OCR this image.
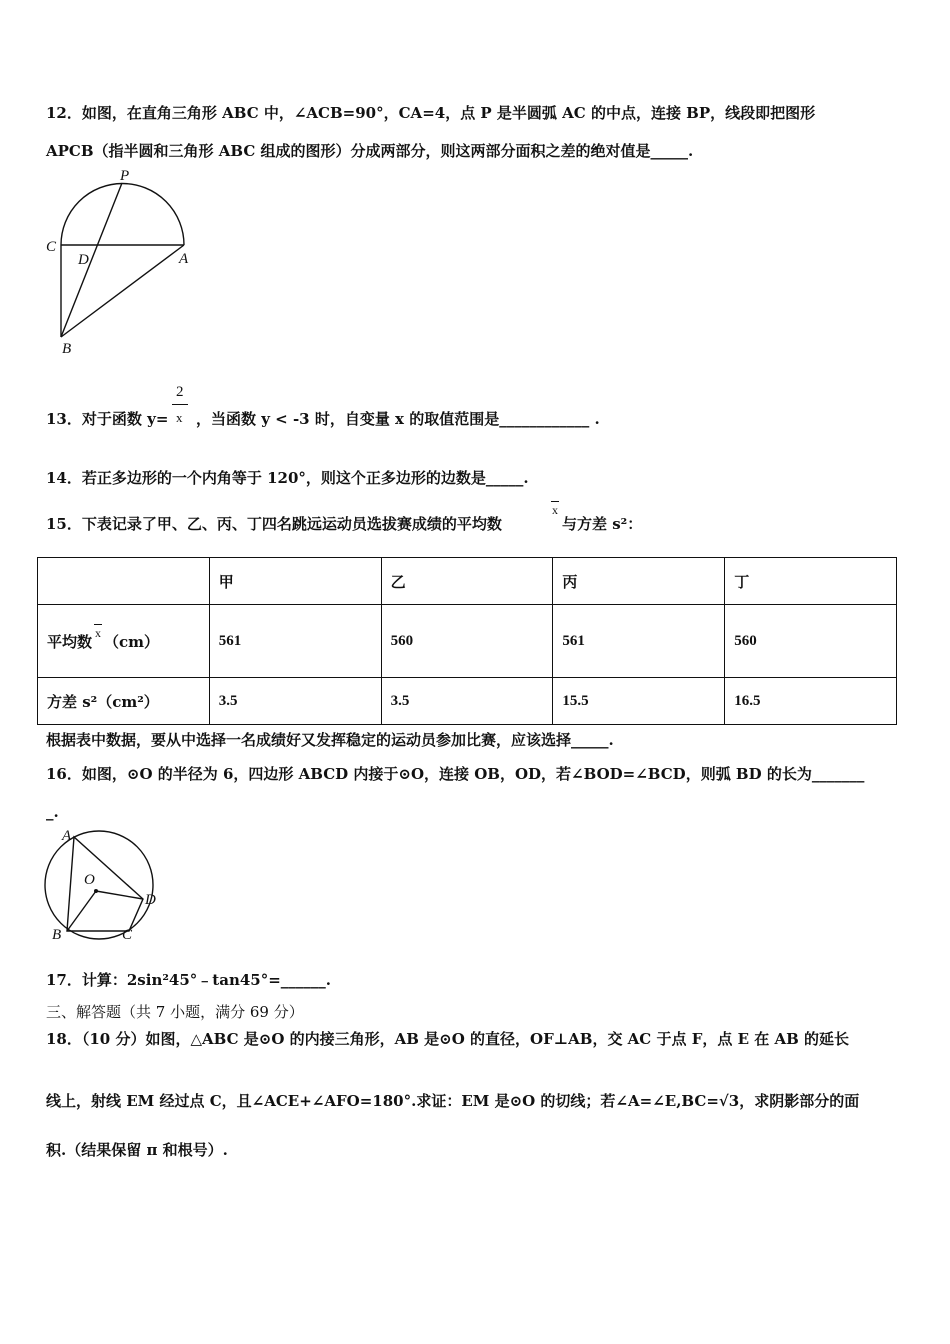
12．如图，在直角三角形 ABC 中，∠ACB=90°，CA=4，点 P 是半圆弧 AC 的中点，连接 BP，线段即把图形
APCB（指半圆和三角形 ABC 组成的图形）分成两部分，则这两部分面积之差的绝对值是_____.
P
C
D	A
B
13．对于函数 y=
2
x ，当函数 y < -3 时，自变量 x 的取值范围是____________ .
14．若正多边形的一个内角等于 120°，则这个正多边形的边数是_____.
15．下表记录了甲、乙、丙、丁四名跳远运动员选拔赛成绩的平均数
x
与方差 s²：
	甲	乙	丙	丁
平均数 $^x$ （cm）	561	560	561	560
方差 s²（cm²）	3.5	3.5	15.5	16.5
根据表中数据，要从中选择一名成绩好又发挥稳定的运动员参加比赛，应该选择_____.
16．如图，⊙O 的半径为 6，四边形 ABCD 内接于⊙O，连接 OB，OD，若∠BOD=∠BCD，则弧 BD 的长为_______
_.
A
O
D
B	C
17．计算：2sin²45°﹣tan45°=______.
三、解答题（共 7 小题，满分 69 分）
18．（10 分）如图，△ABC 是⊙O 的内接三角形，AB 是⊙O 的直径，OF⊥AB，交 AC 于点 F，点 E 在 AB 的延长
线上，射线 EM 经过点 C，且∠ACE+∠AFO=180°.求证：EM 是⊙O 的切线；若∠A=∠E,BC=√3，求阴影部分的面
积.（结果保留 π 和根号）.
